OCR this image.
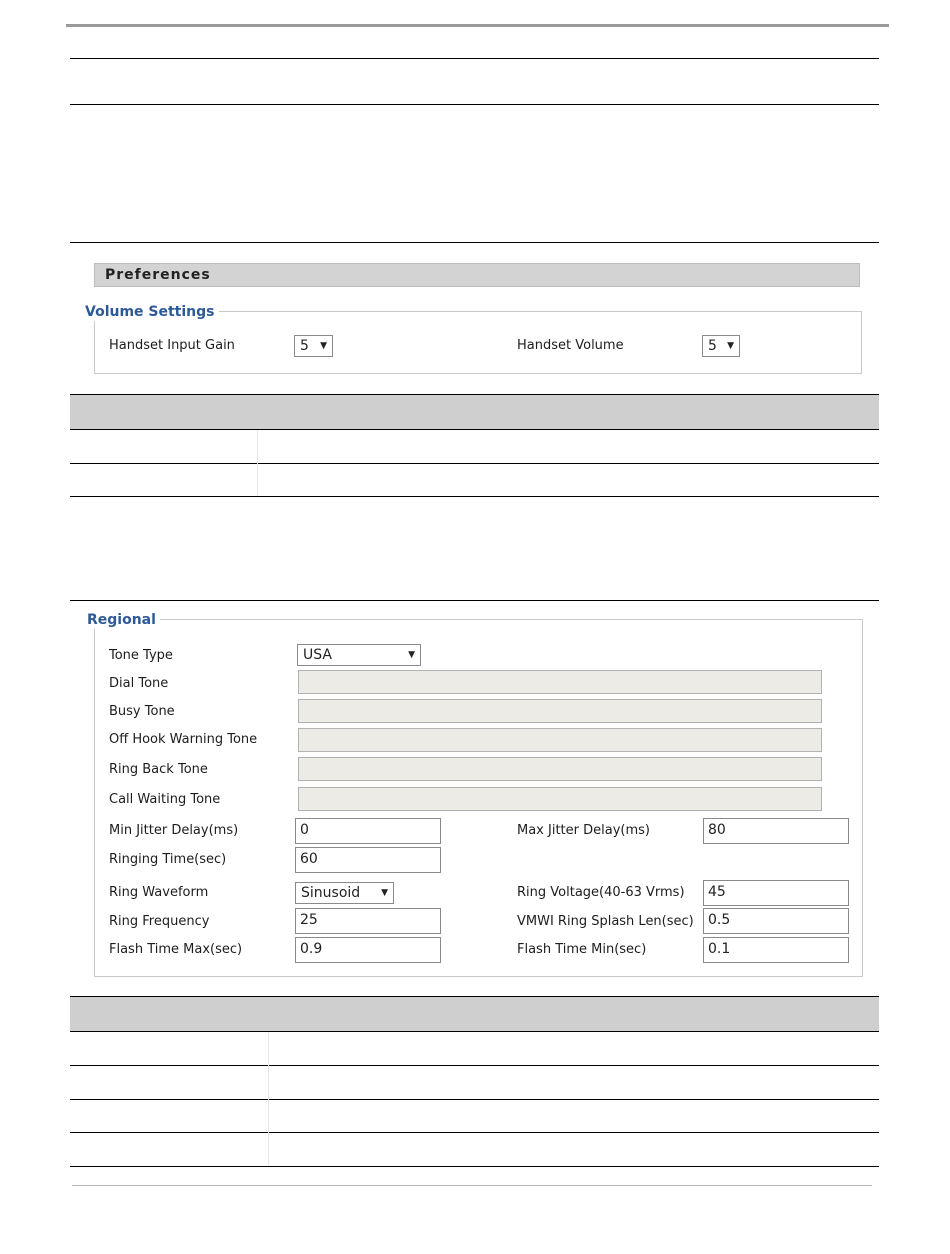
Preferences
Volume Settings
Handset Input Gain	5 ▼	Handset Volume	5 ▼
Regional
Tone Type	USA	▼
Dial Tone
Busy Tone
Off Hook Warning Tone
Ring Back Tone
Call Waiting Tone
Min Jitter Delay(ms)	0	Max Jitter Delay(ms)	80
Ringing Time(sec)	60
Ring Waveform	Sinusoid ▼	Ring Voltage(40-63 Vrms)	45
Ring Frequency	25	VMWI Ring Splash Len(sec)	0.5
Flash Time Max(sec)	0.9	Flash Time Min(sec)	0.1
